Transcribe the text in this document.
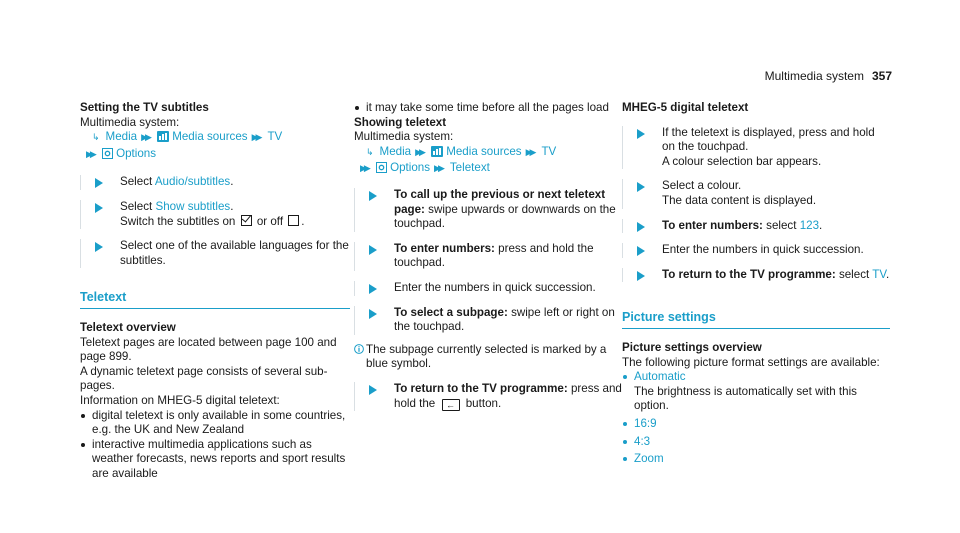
Multimedia system 357

Setting the TV subtitles

Multimedia system:

↳ Media ▶▶ Media sources ▶▶ TV

▶▶ Options

Select Audio/subtitles.
Select Show subtitles.
Switch the subtitles on or off .
Select one of the available languages for the subtitles.
Teletext

Teletext overview

Teletext pages are located between page 100 and page 899.

A dynamic teletext page consists of several sub-pages.

Information on MHEG-5 digital teletext:

digital teletext is only available in some countries, e.g. the UK and New Zealand

interactive multimedia applications such as weather forecasts, news reports and sport results are available

it may take some time before all the pages load

Showing teletext

Multimedia system:

↳ Media ▶▶ Media sources ▶▶ TV

▶▶ Options ▶▶ Teletext

To call up the previous or next teletext page: swipe upwards or downwards on the touchpad.
To enter numbers: press and hold the touchpad.
Enter the numbers in quick succession.
To select a subpage: swipe left or right on the touchpad.
The subpage currently selected is marked by a blue symbol.
To return to the TV programme: press and hold the ← button.

MHEG-5 digital teletext

If the teletext is displayed, press and hold on the touchpad.
A colour selection bar appears.
Select a colour.
The data content is displayed.
To enter numbers: select 123.
Enter the numbers in quick succession.
To return to the TV programme: select TV.
Picture settings

Picture settings overview

The following picture format settings are available:

Automatic

The brightness is automatically set with this option.

16:9

4:3

Zoom
